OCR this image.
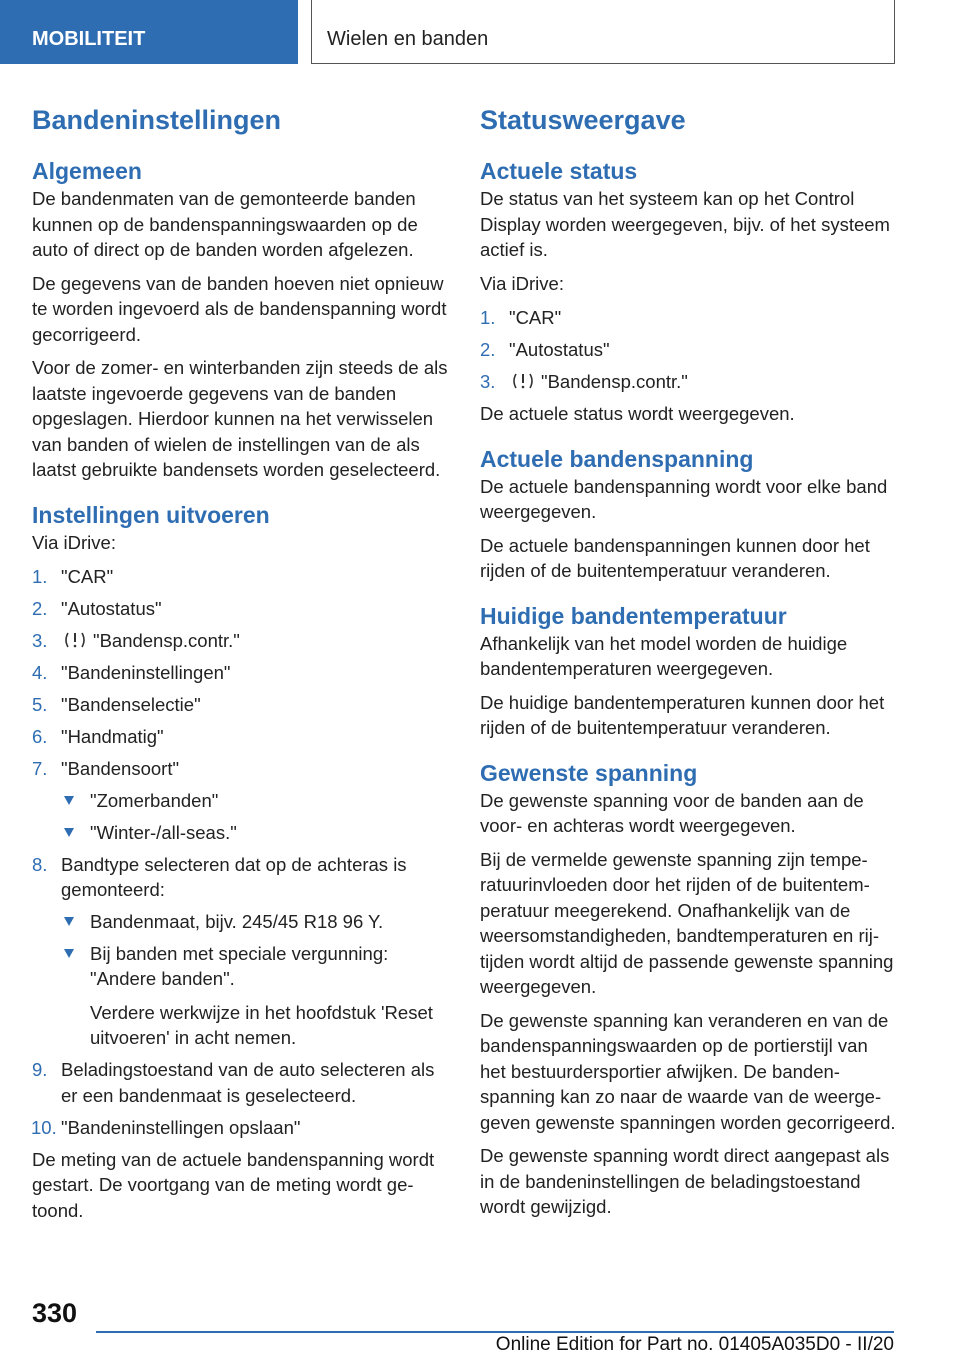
MOBILITEIT	Wielen en banden
Bandeninstellingen
Algemeen

De bandenmaten van de gemonteerde banden kunnen op de bandenspanningswaarden op de auto of direct op de banden worden afgelezen.

De gegevens van de banden hoeven niet opnieuw te worden ingevoerd als de bandenspanning wordt gecorrigeerd.

Voor de zomer- en winterbanden zijn steeds de als laatste ingevoerde gegevens van de banden opgeslagen. Hierdoor kunnen na het verwisselen van banden of wielen de instellingen van de als laatst gebruikte bandensets worden geselecteerd.

Instellingen uitvoeren

Via iDrive:

1. "CAR"
2. "Autostatus"
3. "Bandensp.contr."
4. "Bandeninstellingen"
5. "Bandenselectie"
6. "Handmatig"
7. "Bandensoort"
"Zomerbanden"
"Winter-/all-seas."
8. Bandtype selecteren dat op de achteras is gemonteerd:
Bandenmaat, bijv. 245/45 R18 96 Y.
Bij banden met speciale vergunning: "Andere banden".
Verdere werkwijze in het hoofdstuk 'Reset uitvoeren' in acht nemen.
9. Beladingstoestand van de auto selecteren als er een bandenmaat is geselecteerd.
10. "Bandeninstellingen opslaan"

De meting van de actuele bandenspanning wordt gestart. De voortgang van de meting wordt getoond.

Statusweergave
Actuele status

De status van het systeem kan op het Control Display worden weergegeven, bijv. of het systeem actief is.

Via iDrive:

1. "CAR"
2. "Autostatus"
3. "Bandensp.contr."

De actuele status wordt weergegeven.

Actuele bandenspanning

De actuele bandenspanning wordt voor elke band weergegeven.

De actuele bandenspanningen kunnen door het rijden of de buitentemperatuur veranderen.

Huidige bandentemperatuur

Afhankelijk van het model worden de huidige bandentemperaturen weergegeven.

De huidige bandentemperaturen kunnen door het rijden of de buitentemperatuur veranderen.

Gewenste spanning

De gewenste spanning voor de banden aan de voor- en achteras wordt weergegeven.

Bij de vermelde gewenste spanning zijn temperatuurinvloeden door het rijden of de buitentemperatuur meegerekend. Onafhankelijk van de weersomstandigheden, bandtemperaturen en rijtijden wordt altijd de passende gewenste spanning weergegeven.

De gewenste spanning kan veranderen en van de bandenspanningswaarden op de portierstijl van het bestuurdersportier afwijken. De bandenspanning kan zo naar de waarde van de weergegeven gewenste spanningen worden gecorrigeerd.

De gewenste spanning wordt direct aangepast als in de bandeninstellingen de beladingstoestand wordt gewijzigd.

330
Online Edition for Part no. 01405A035D0 - II/20
